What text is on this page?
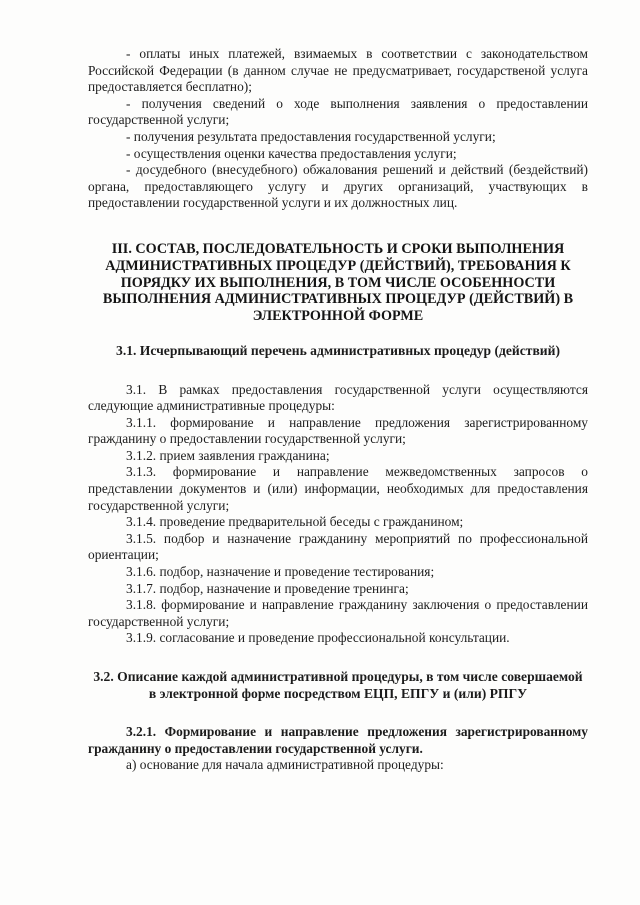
- оплаты иных платежей, взимаемых в соответствии с законодательством Российской Федерации (в данном случае не предусматривает, государственой услуга предоставляется бесплатно);

- получения сведений о ходе выполнения заявления о предоставлении государственной услуги;

- получения результата предоставления государственной услуги;

- осуществления оценки качества предоставления услуги;

- досудебного (внесудебного) обжалования решений и действий (бездействий) органа, предоставляющего услугу и других организаций, участвующих в предоставлении государственной услуги и их должностных лиц.

III. СОСТАВ, ПОСЛЕДОВАТЕЛЬНОСТЬ И СРОКИ ВЫПОЛНЕНИЯ АДМИНИСТРАТИВНЫХ ПРОЦЕДУР (ДЕЙСТВИЙ), ТРЕБОВАНИЯ К ПОРЯДКУ ИХ ВЫПОЛНЕНИЯ, В ТОМ ЧИСЛЕ ОСОБЕННОСТИ ВЫПОЛНЕНИЯ АДМИНИСТРАТИВНЫХ ПРОЦЕДУР (ДЕЙСТВИЙ) В ЭЛЕКТРОННОЙ ФОРМЕ
3.1. Исчерпывающий перечень административных процедур (действий)

3.1. В рамках предоставления государственной услуги осуществляются следующие административные процедуры:

3.1.1. формирование и направление предложения зарегистрированному гражданину о предоставлении государственной услуги;

3.1.2. прием заявления гражданина;

3.1.3. формирование и направление межведомственных запросов о представлении документов и (или) информации, необходимых для предоставления государственной услуги;

3.1.4. проведение предварительной беседы с гражданином;

3.1.5. подбор и назначение гражданину мероприятий по профессиональной ориентации;

3.1.6. подбор, назначение и проведение тестирования;

3.1.7. подбор, назначение и проведение тренинга;

3.1.8. формирование и направление гражданину заключения о предоставлении государственной услуги;

3.1.9. согласование и проведение профессиональной консультации.

3.2. Описание каждой административной процедуры, в том числе совершаемой в электронной форме посредством ЕЦП, ЕПГУ и (или) РПГУ

3.2.1. Формирование и направление предложения зарегистрированному гражданину о предоставлении государственной услуги.

а) основание для начала административной процедуры:
